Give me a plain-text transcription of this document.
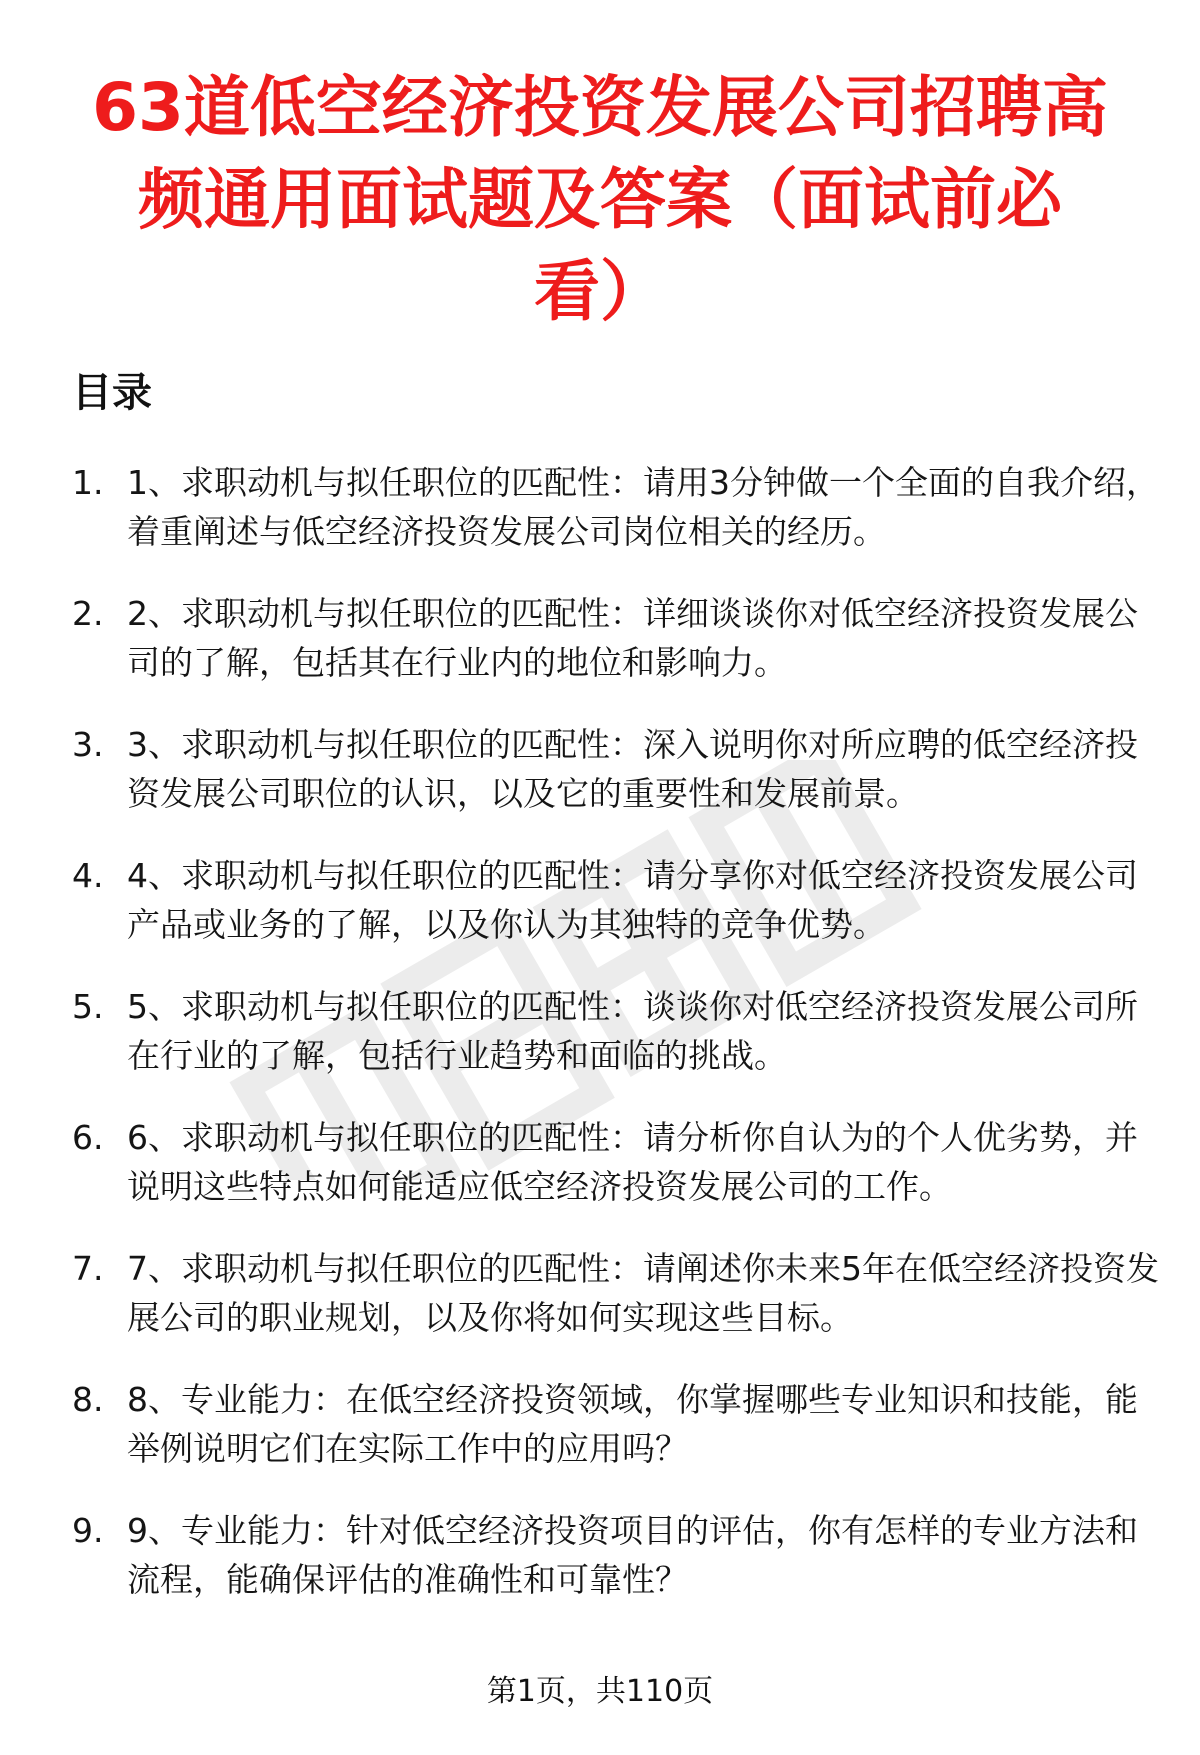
63道低空经济投资发展公司招聘高
频通用面试题及答案（面试前必
看）
目录
1. 1、求职动机与拟任职位的匹配性：请用3分钟做一个全面的自我介绍，着重阐述与低空经济投资发展公司岗位相关的经历。
2. 2、求职动机与拟任职位的匹配性：详细谈谈你对低空经济投资发展公司的了解，包括其在行业内的地位和影响力。
3. 3、求职动机与拟任职位的匹配性：深入说明你对所应聘的低空经济投资发展公司职位的认识，以及它的重要性和发展前景。
4. 4、求职动机与拟任职位的匹配性：请分享你对低空经济投资发展公司产品或业务的了解，以及你认为其独特的竞争优势。
5. 5、求职动机与拟任职位的匹配性：谈谈你对低空经济投资发展公司所在行业的了解，包括行业趋势和面临的挑战。
6. 6、求职动机与拟任职位的匹配性：请分析你自认为的个人优劣势，并说明这些特点如何能适应低空经济投资发展公司的工作。
7. 7、求职动机与拟任职位的匹配性：请阐述你未来5年在低空经济投资发展公司的职业规划，以及你将如何实现这些目标。
8. 8、专业能力：在低空经济投资领域，你掌握哪些专业知识和技能，能举例说明它们在实际工作中的应用吗？
9. 9、专业能力：针对低空经济投资项目的评估，你有怎样的专业方法和流程，能确保评估的准确性和可靠性？
第1页，共110页
